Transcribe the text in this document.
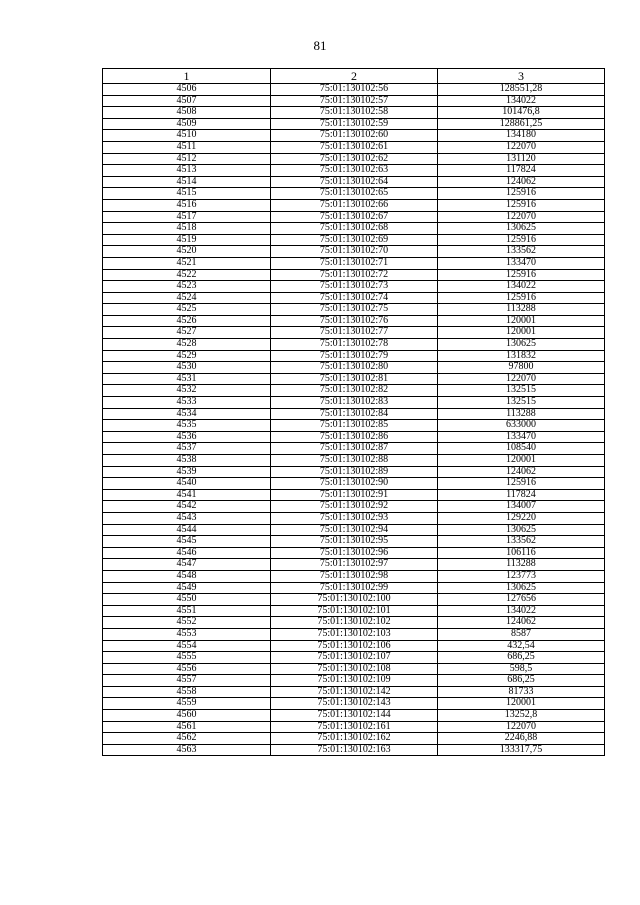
81
1	2	3
4506	75:01:130102:56	128551,28
4507	75:01:130102:57	134022
4508	75:01:130102:58	101476,8
4509	75:01:130102:59	128861,25
4510	75:01:130102:60	134180
4511	75:01:130102:61	122070
4512	75:01:130102:62	131120
4513	75:01:130102:63	117824
4514	75:01:130102:64	124062
4515	75:01:130102:65	125916
4516	75:01:130102:66	125916
4517	75:01:130102:67	122070
4518	75:01:130102:68	130625
4519	75:01:130102:69	125916
4520	75:01:130102:70	133562
4521	75:01:130102:71	133470
4522	75:01:130102:72	125916
4523	75:01:130102:73	134022
4524	75:01:130102:74	125916
4525	75:01:130102:75	113288
4526	75:01:130102:76	120001
4527	75:01:130102:77	120001
4528	75:01:130102:78	130625
4529	75:01:130102:79	131832
4530	75:01:130102:80	97800
4531	75:01:130102:81	122070
4532	75:01:130102:82	132515
4533	75:01:130102:83	132515
4534	75:01:130102:84	113288
4535	75:01:130102:85	633000
4536	75:01:130102:86	133470
4537	75:01:130102:87	108540
4538	75:01:130102:88	120001
4539	75:01:130102:89	124062
4540	75:01:130102:90	125916
4541	75:01:130102:91	117824
4542	75:01:130102:92	134007
4543	75:01:130102:93	129220
4544	75:01:130102:94	130625
4545	75:01:130102:95	133562
4546	75:01:130102:96	106116
4547	75:01:130102:97	113288
4548	75:01:130102:98	123773
4549	75:01:130102:99	130625
4550	75:01:130102:100	127656
4551	75:01:130102:101	134022
4552	75:01:130102:102	124062
4553	75:01:130102:103	8587
4554	75:01:130102:106	432,54
4555	75:01:130102:107	686,25
4556	75:01:130102:108	598,5
4557	75:01:130102:109	686,25
4558	75:01:130102:142	81733
4559	75:01:130102:143	120001
4560	75:01:130102:144	13252,8
4561	75:01:130102:161	122070
4562	75:01:130102:162	2246,88
4563	75:01:130102:163	133317,75
